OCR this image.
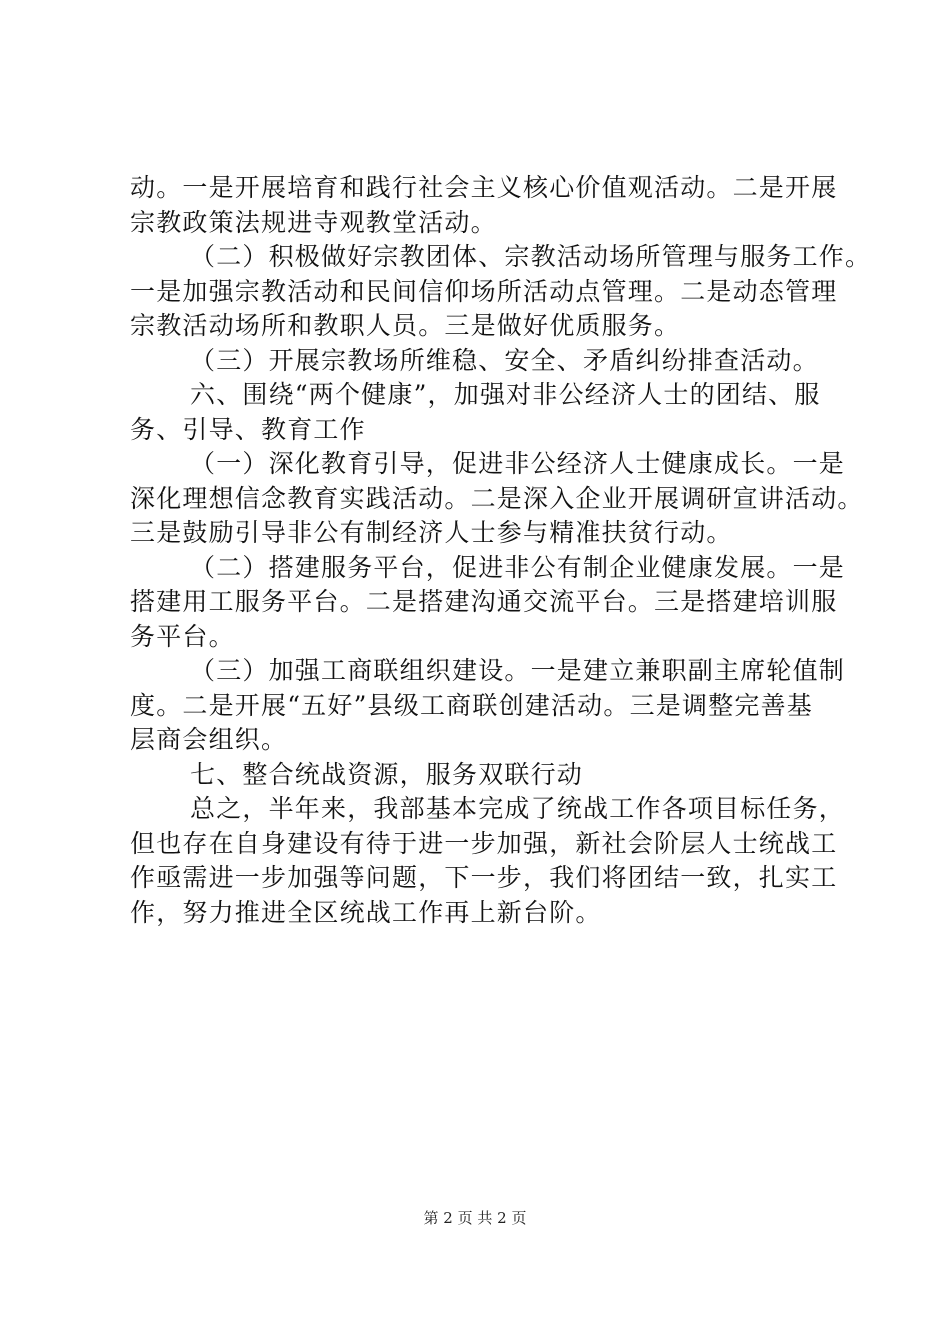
动。一是开展培育和践行社会主义核心价值观活动。二是开展
宗教政策法规进寺观教堂活动。
（二）积极做好宗教团体、宗教活动场所管理与服务工作。
一是加强宗教活动和民间信仰场所活动点管理。二是动态管理
宗教活动场所和教职人员。三是做好优质服务。
（三）开展宗教场所维稳、安全、矛盾纠纷排查活动。
六、围绕“两个健康”，加强对非公经济人士的团结、服
务、引导、教育工作
（一）深化教育引导，促进非公经济人士健康成长。一是
深化理想信念教育实践活动。二是深入企业开展调研宣讲活动。
三是鼓励引导非公有制经济人士参与精准扶贫行动。
（二）搭建服务平台，促进非公有制企业健康发展。一是
搭建用工服务平台。二是搭建沟通交流平台。三是搭建培训服
务平台。
（三）加强工商联组织建设。一是建立兼职副主席轮值制
度。二是开展“五好”县级工商联创建活动。三是调整完善基
层商会组织。
七、整合统战资源，服务双联行动
总之，半年来，我部基本完成了统战工作各项目标任务，
但也存在自身建设有待于进一步加强，新社会阶层人士统战工
作亟需进一步加强等问题，下一步，我们将团结一致，扎实工
作，努力推进全区统战工作再上新台阶。
第 2 页 共 2 页
